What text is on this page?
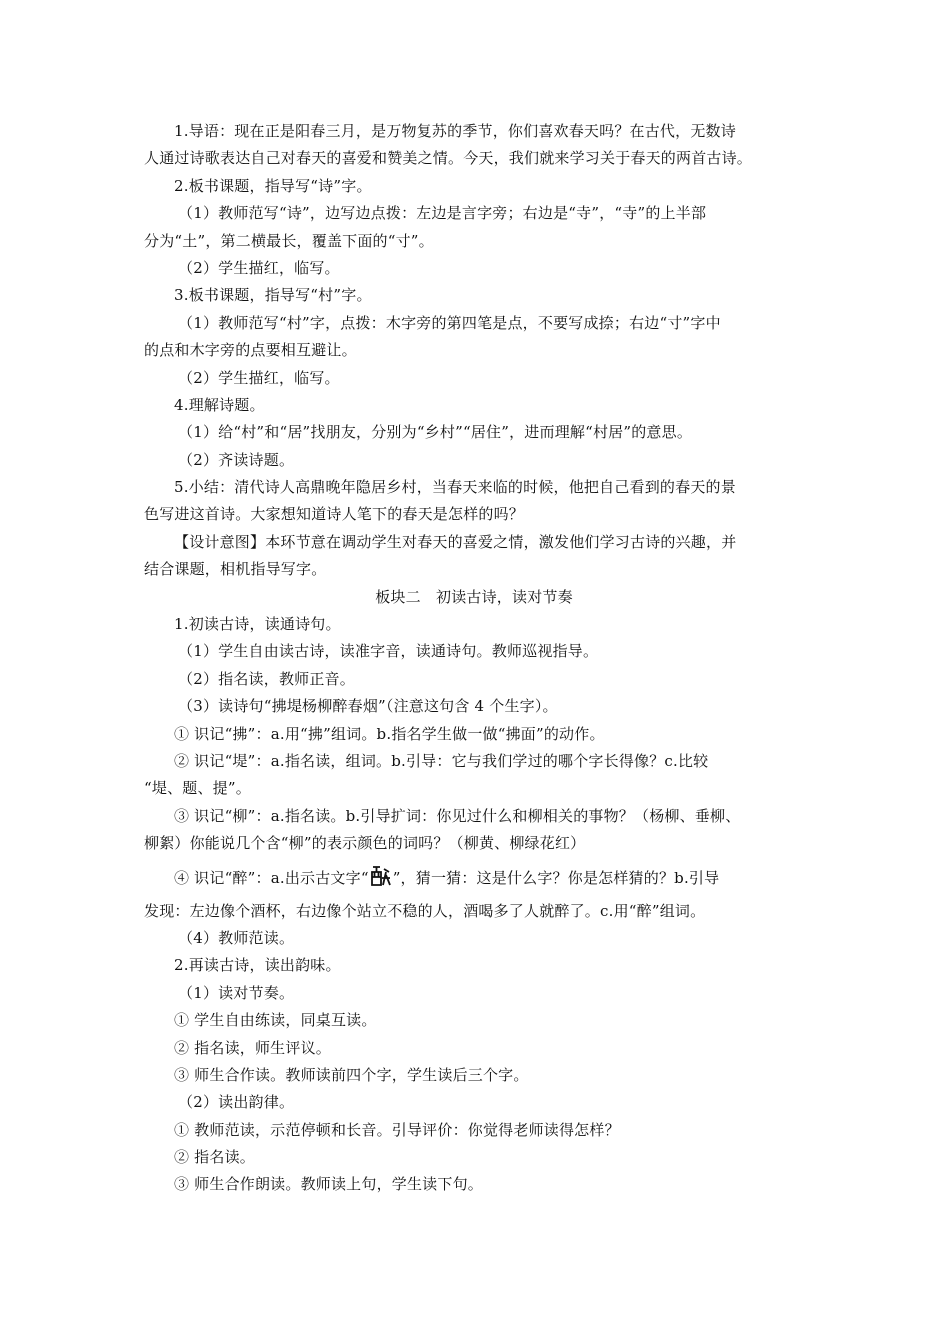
1.导语：现在正是阳春三月，是万物复苏的季节，你们喜欢春天吗？在古代，无数诗
人通过诗歌表达自己对春天的喜爱和赞美之情。今天，我们就来学习关于春天的两首古诗。
2.板书课题，指导写“诗”字。
（1）教师范写“诗”，边写边点拨：左边是言字旁；右边是“寺”，“寺”的上半部
分为“土”，第二横最长，覆盖下面的“寸”。
（2）学生描红，临写。
3.板书课题，指导写“村”字。
（1）教师范写“村”字，点拨：木字旁的第四笔是点，不要写成捺；右边“寸”字中
的点和木字旁的点要相互避让。
（2）学生描红，临写。
4.理解诗题。
（1）给“村”和“居”找朋友，分别为“乡村”“居住”，进而理解“村居”的意思。
（2）齐读诗题。
5.小结：清代诗人高鼎晚年隐居乡村，当春天来临的时候，他把自己看到的春天的景
色写进这首诗。大家想知道诗人笔下的春天是怎样的吗？
【设计意图】本环节意在调动学生对春天的喜爱之情，激发他们学习古诗的兴趣，并
结合课题，相机指导写字。
板块二　初读古诗，读对节奏
1.初读古诗，读通诗句。
（1）学生自由读古诗，读准字音，读通诗句。教师巡视指导。
（2）指名读，教师正音。
（3）读诗句“拂堤杨柳醉春烟”（注意这句含 4 个生字）。
① 识记“拂”：a.用“拂”组词。b.指名学生做一做“拂面”的动作。
② 识记“堤”：a.指名读，组词。b.引导：它与我们学过的哪个字长得像？c.比较
“堤、题、提”。
③ 识记“柳”：a.指名读。b.引导扩词：你见过什么和柳相关的事物？（杨柳、垂柳、
柳絮）你能说几个含“柳”的表示颜色的词吗？（柳黄、柳绿花红）
④ 识记“醉”：a.出示古文字“ ”，猜一猜：这是什么字？你是怎样猜的？b.引导
发现：左边像个酒杯，右边像个站立不稳的人，酒喝多了人就醉了。c.用“醉”组词。
（4）教师范读。
2.再读古诗，读出韵味。
（1）读对节奏。
① 学生自由练读，同桌互读。
② 指名读，师生评议。
③ 师生合作读。教师读前四个字，学生读后三个字。
（2）读出韵律。
① 教师范读，示范停顿和长音。引导评价：你觉得老师读得怎样？
② 指名读。
③ 师生合作朗读。教师读上句，学生读下句。
